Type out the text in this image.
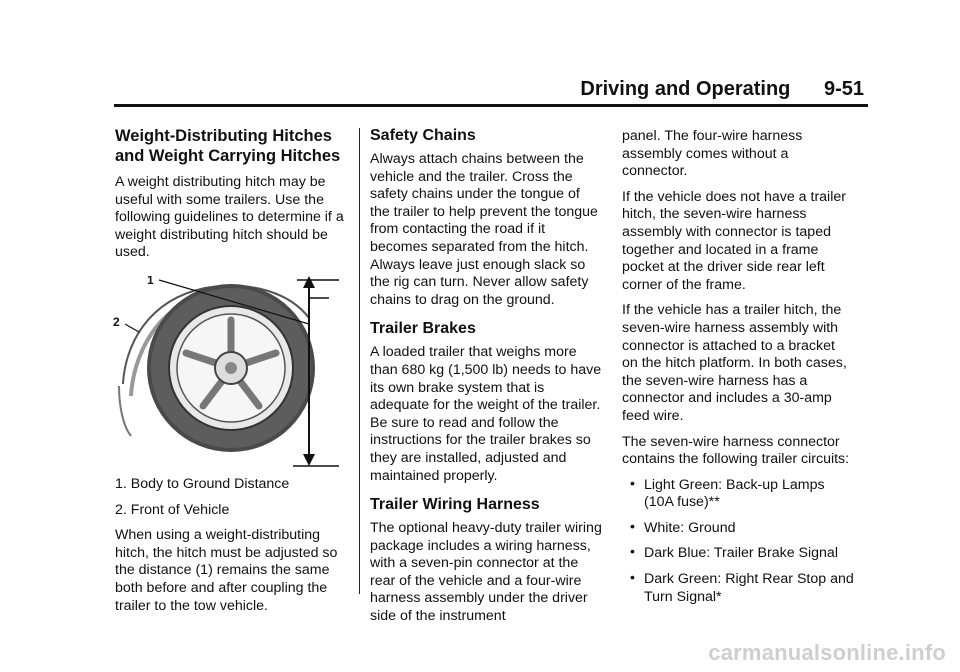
Driving and Operating 9-51
Weight-Distributing Hitches and Weight Carrying Hitches

A weight distributing hitch may be useful with some trailers. Use the following guidelines to determine if a weight distributing hitch should be used.

1
2

1. Body to Ground Distance

2. Front of Vehicle

When using a weight-distributing hitch, the hitch must be adjusted so the distance (1) remains the same both before and after coupling the trailer to the tow vehicle.

Safety Chains

Always attach chains between the vehicle and the trailer. Cross the safety chains under the tongue of the trailer to help prevent the tongue from contacting the road if it becomes separated from the hitch. Always leave just enough slack so the rig can turn. Never allow safety chains to drag on the ground.

Trailer Brakes

A loaded trailer that weighs more than 680 kg (1,500 lb) needs to have its own brake system that is adequate for the weight of the trailer. Be sure to read and follow the instructions for the trailer brakes so they are installed, adjusted and maintained properly.

Trailer Wiring Harness

The optional heavy-duty trailer wiring package includes a wiring harness, with a seven-pin connector at the rear of the vehicle and a four-wire harness assembly under the driver side of the instrument

panel. The four-wire harness assembly comes without a connector.

If the vehicle does not have a trailer hitch, the seven-wire harness assembly with connector is taped together and located in a frame pocket at the driver side rear left corner of the frame.

If the vehicle has a trailer hitch, the seven-wire harness assembly with connector is attached to a bracket on the hitch platform. In both cases, the seven-wire harness has a connector and includes a 30-amp feed wire.

The seven-wire harness connector contains the following trailer circuits:

• Light Green: Back-up Lamps (10A fuse)**
• White: Ground
• Dark Blue: Trailer Brake Signal
• Dark Green: Right Rear Stop and Turn Signal*
carmanualsonline.info
